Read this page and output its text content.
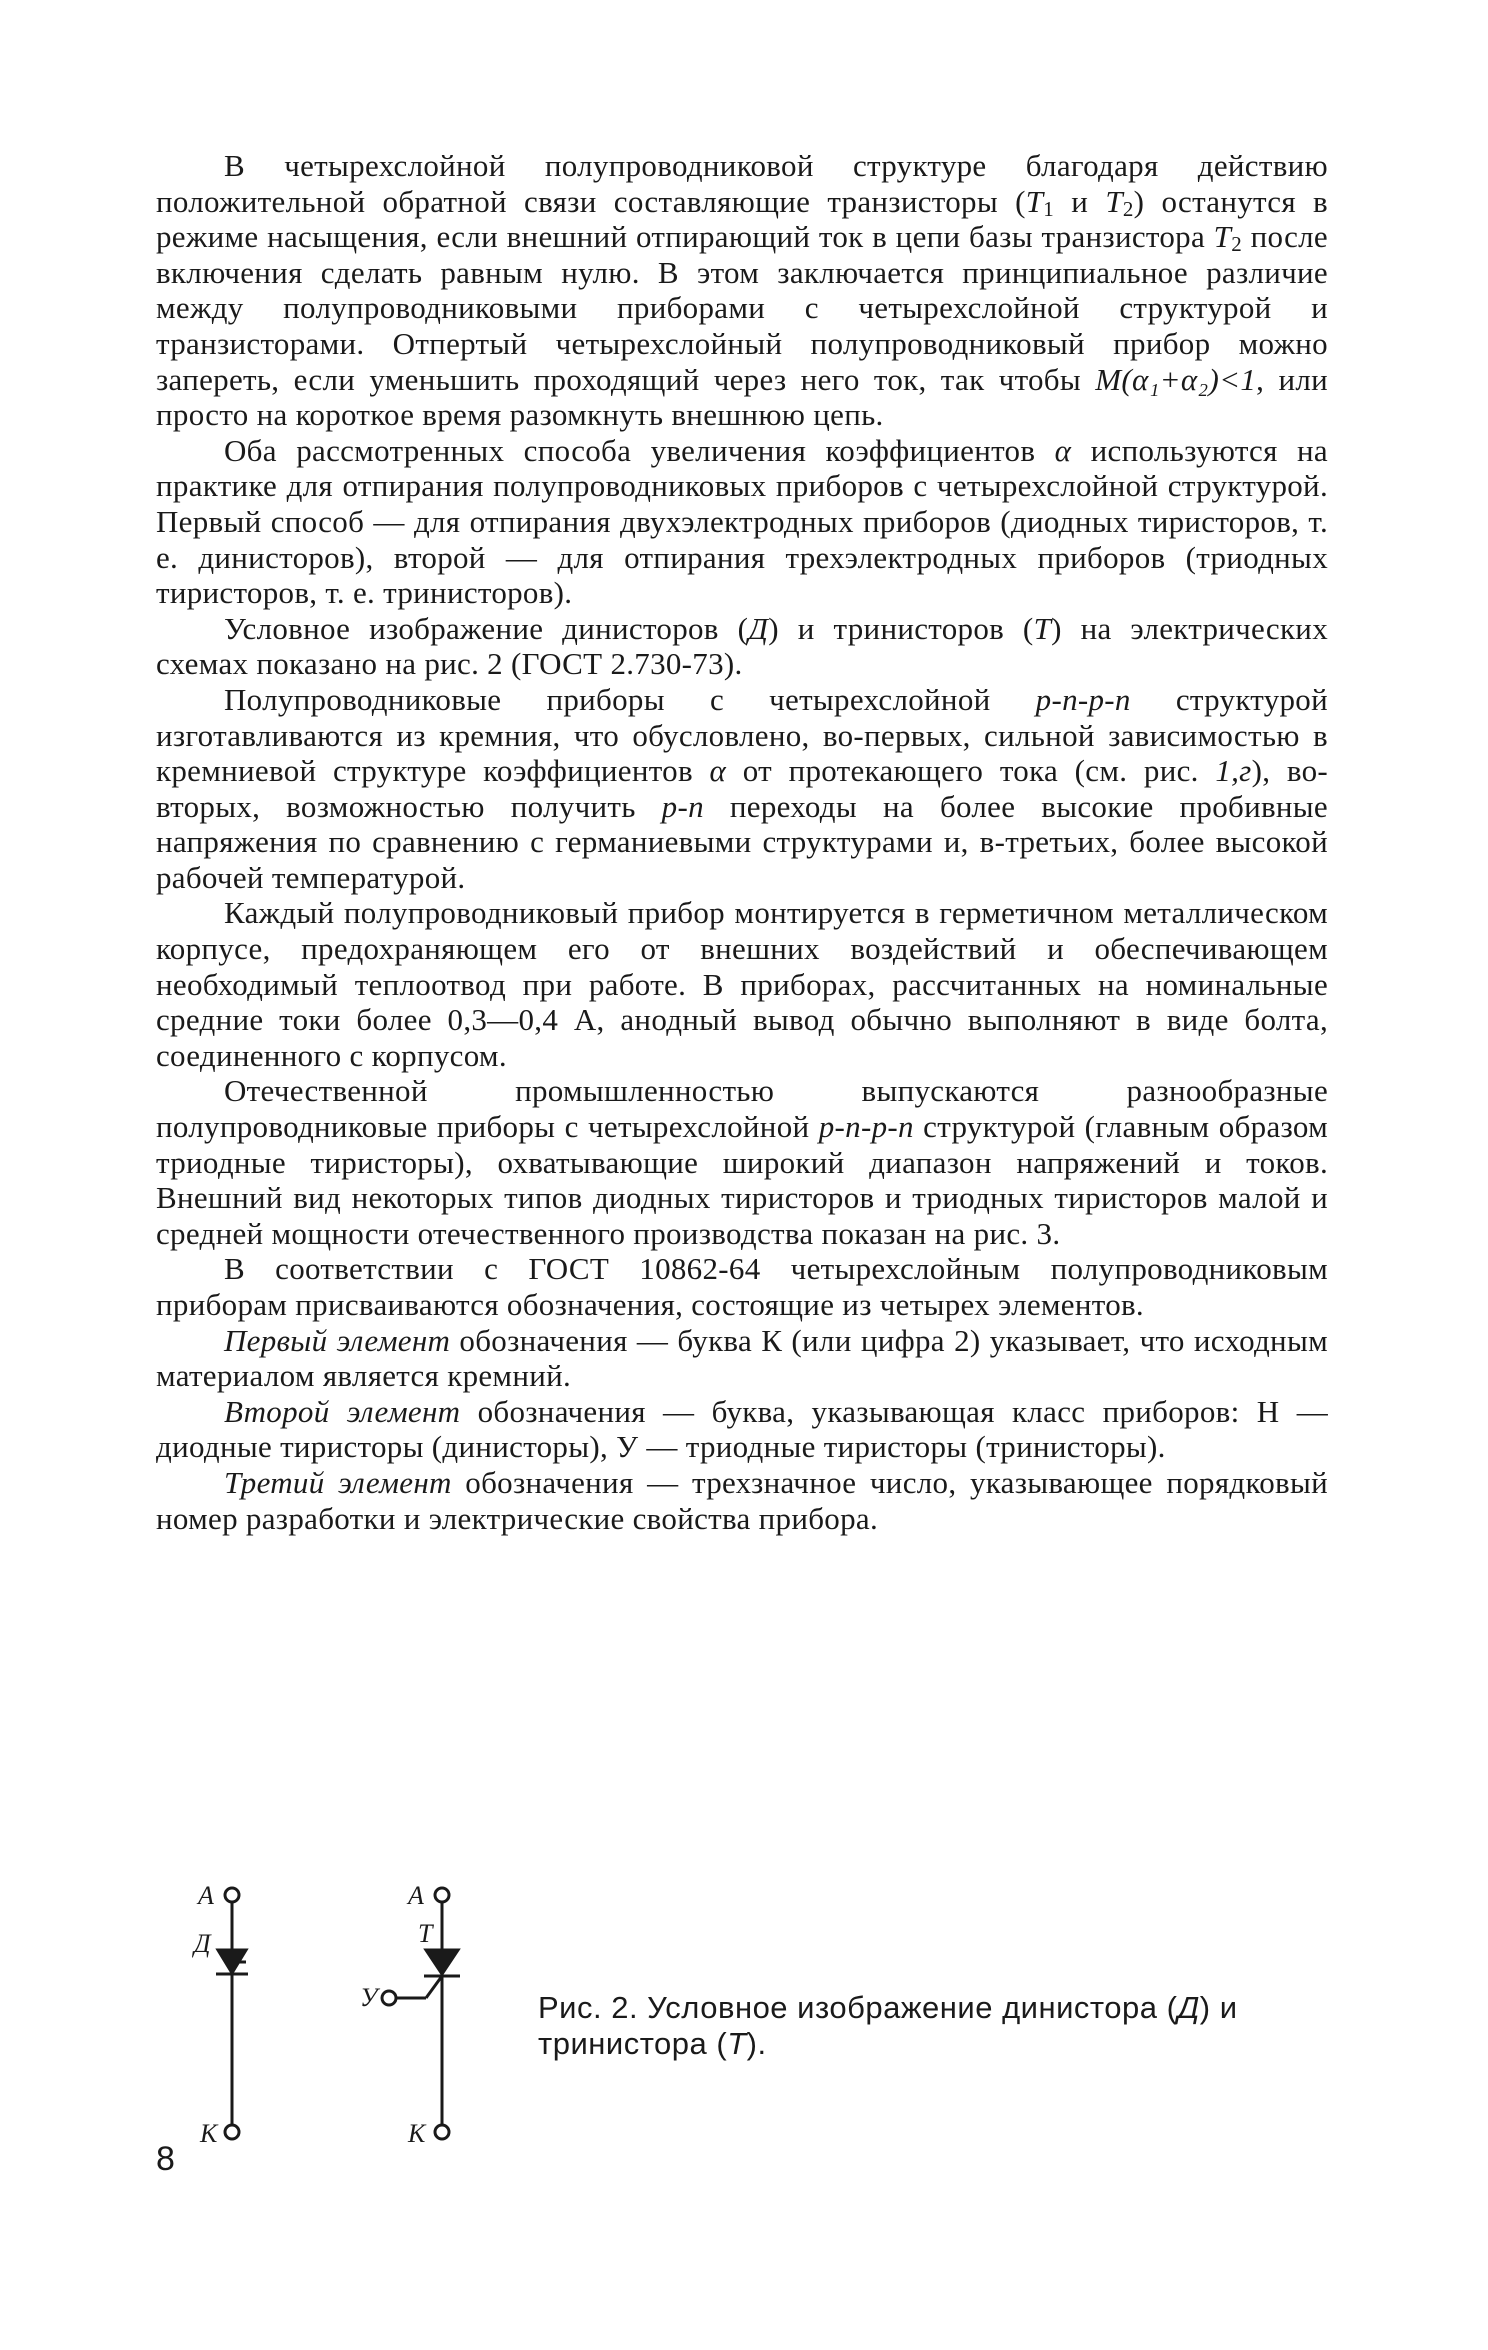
В четырехслойной полупроводниковой структуре благодаря действию положительной обратной связи составляющие транзисторы ($T_1$ и $T_2$) останутся в режиме насыщения, если внешний отпирающий ток в цепи базы транзистора $T_2$ после включения сделать равным нулю. В этом заключается принципиальное различие между полупроводниковыми приборами с четырехслойной структурой и транзисторами. Отпертый четырехслойный полупроводниковый прибор можно запереть, если уменьшить проходящий через него ток, так чтобы M(α₁+α₂)<1, или просто на короткое время разомкнуть внешнюю цепь.

Оба рассмотренных способа увеличения коэффициентов α используются на практике для отпирания полупроводниковых приборов с четырехслойной структурой. Первый способ — для отпирания двухэлектродных приборов (диодных тиристоров, т. е. динисторов), второй — для отпирания трехэлектродных приборов (триодных тиристоров, т. е. тринисторов).

Условное изображение динисторов (Д) и тринисторов (Т) на электрических схемах показано на рис. 2 (ГОСТ 2.730-73).

Полупроводниковые приборы с четырехслойной p-n-p-n структурой изготавливаются из кремния, что обусловлено, во-первых, сильной зависимостью в кремниевой структуре коэффициентов α от протекающего тока (см. рис. 1,г), во-вторых, возможностью получить p-n переходы на более высокие пробивные напряжения по сравнению с германиевыми структурами и, в-третьих, более высокой рабочей температурой.

Каждый полупроводниковый прибор монтируется в герметичном металлическом корпусе, предохраняющем его от внешних воздействий и обеспечивающем необходимый теплоотвод при работе. В приборах, рассчитанных на номинальные средние токи более 0,3—0,4 А, анодный вывод обычно выполняют в виде болта, соединенного с корпусом.

Отечественной промышленностью выпускаются разнообразные полупроводниковые приборы с четырехслойной p-n-p-n структурой (главным образом триодные тиристоры), охватывающие широкий диапазон напряжений и токов. Внешний вид некоторых типов диодных тиристоров и триодных тиристоров малой и средней мощности отечественного производства показан на рис. 3.

В соответствии с ГОСТ 10862-64 четырехслойным полупроводниковым приборам присваиваются обозначения, состоящие из четырех элементов.

Первый элемент обозначения — буква К (или цифра 2) указывает, что исходным материалом является кремний.

Второй элемент обозначения — буква, указывающая класс приборов: Н — диодные тиристоры (динисторы), У — триодные тиристоры (тринисторы).

Третий элемент обозначения — трехзначное число, указывающее порядковый номер разработки и электрические свойства прибора.

А
Д
К
А
Т
У
К
Рис. 2. Условное изображение динистора (Д) и тринистора (Т).
8
